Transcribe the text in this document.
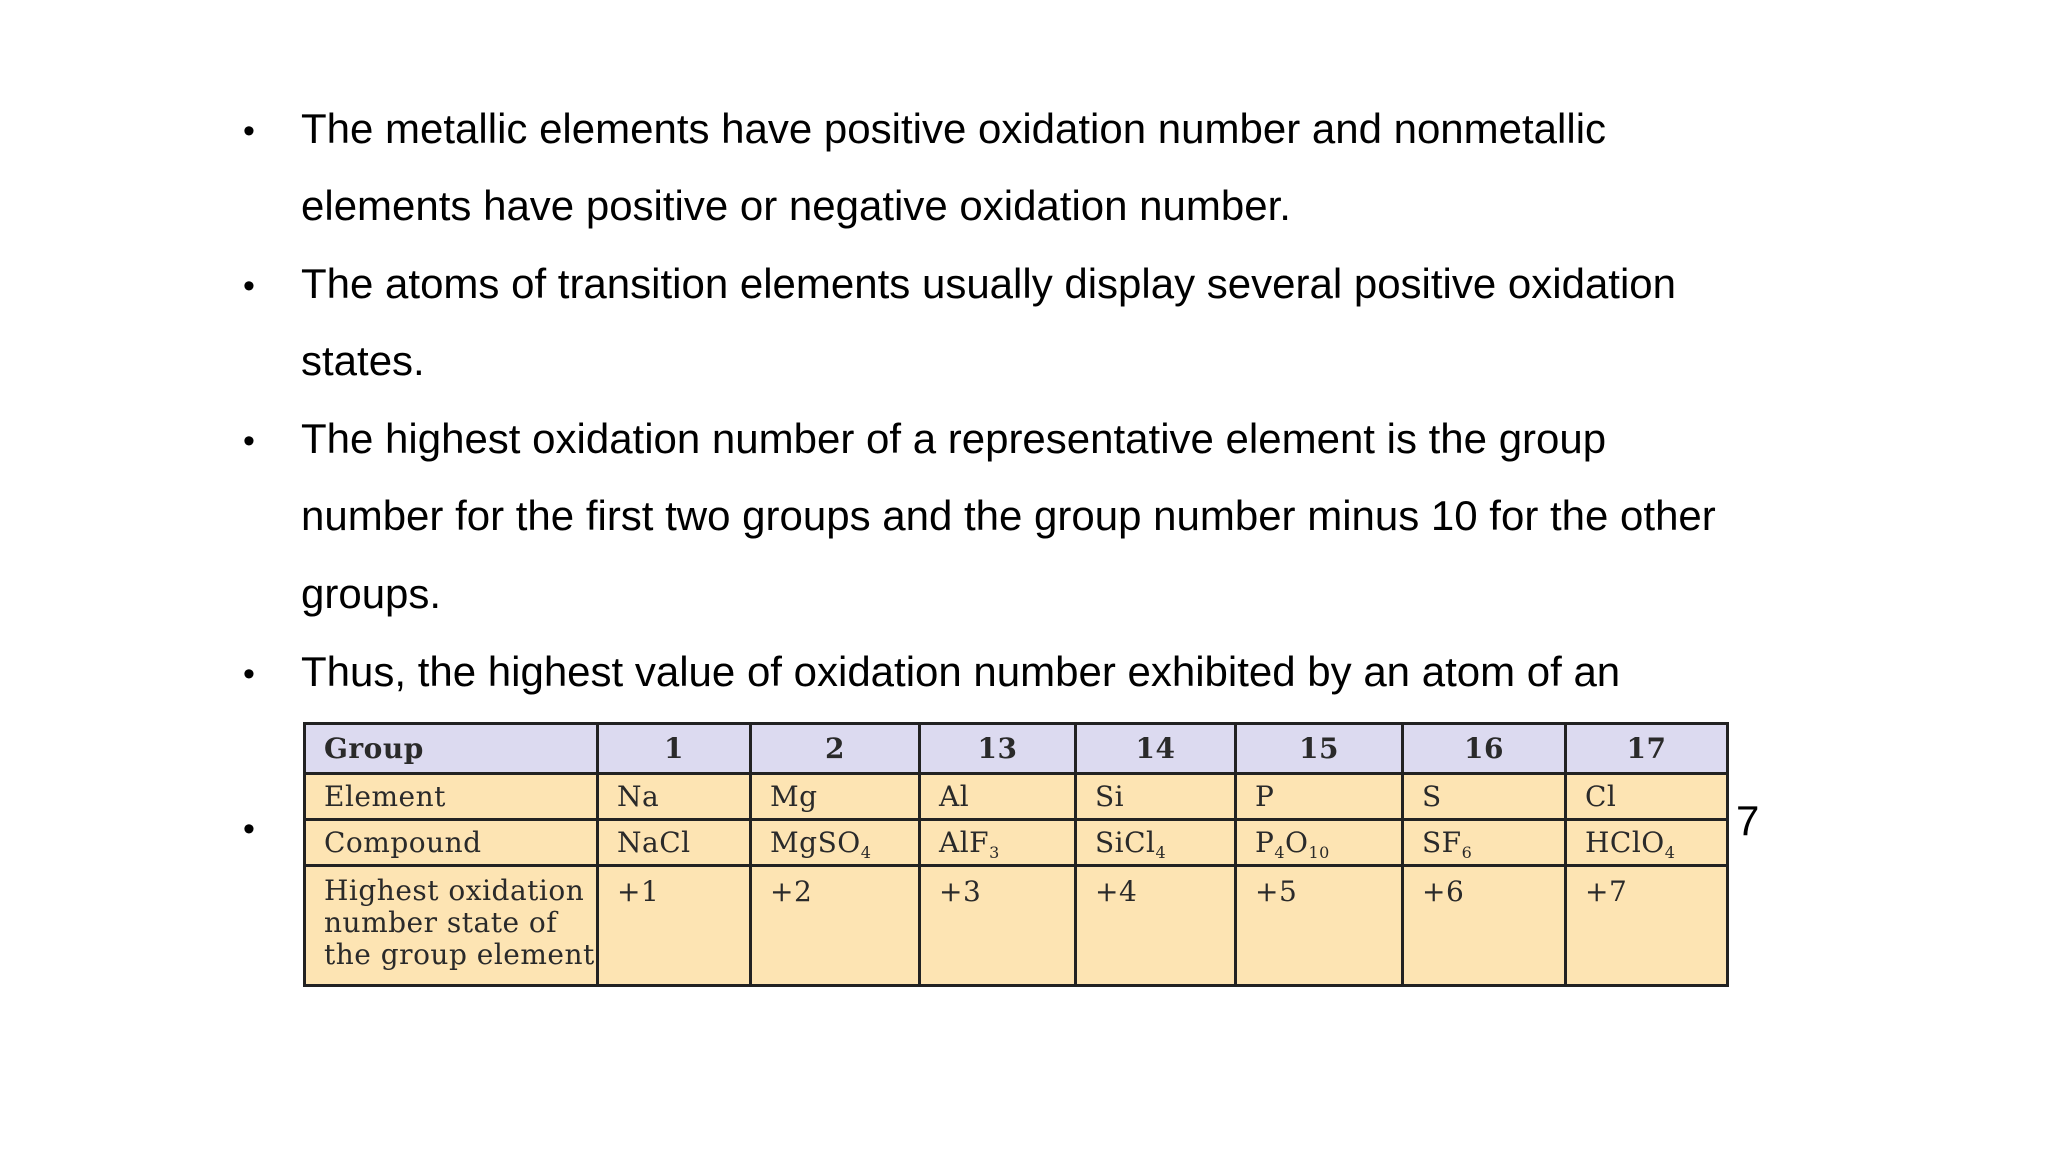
• The metallic elements have positive oxidation number and nonmetallic
elements have positive or negative oxidation number.
• The atoms of transition elements usually display several positive oxidation
states.
• The highest oxidation number of a representative element is the group
number for the first two groups and the group number minus 10 for the other
groups.
• Thus, the highest value of oxidation number exhibited by an atom of an
•
Group	1	2	13	14	15	16	17
Element	Na	Mg	Al	Si	P	S	Cl
Compound	NaCl	MgSO$_4$	AlF$_3$	SiCl$_4$	$P_4O_{10}$	$SF_6$	HClO$_4$
Highest oxidation
number state of
the group element	+1	+2	+3	+4	+5	+6	+7
7
